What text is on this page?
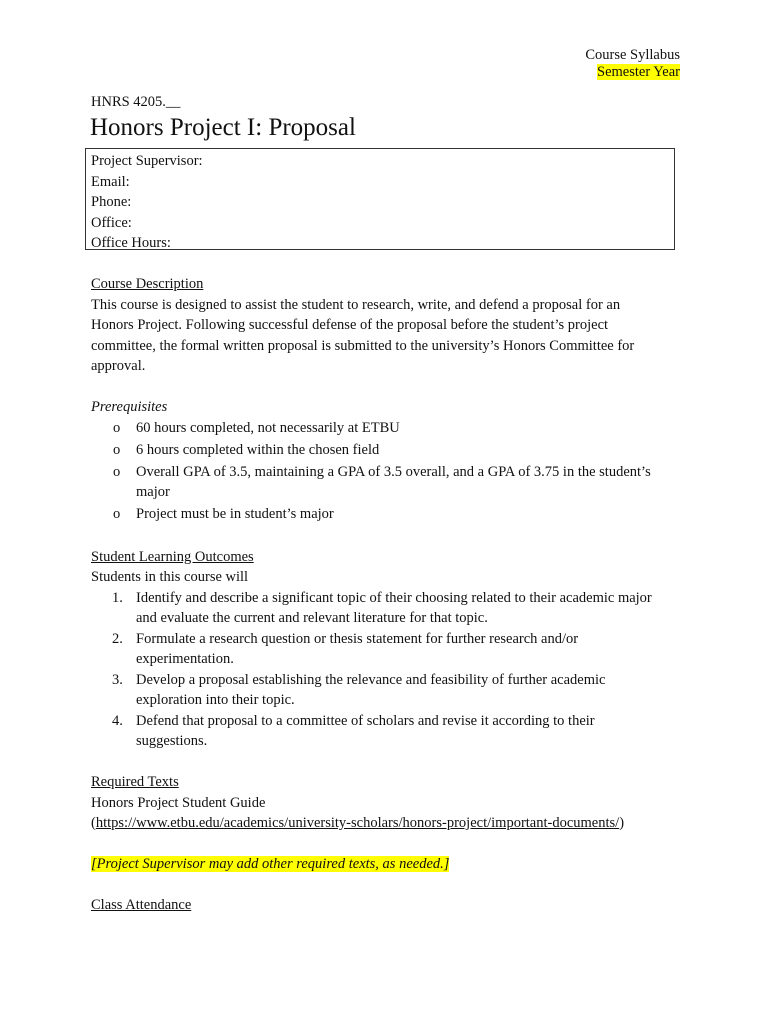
Course Syllabus
Semester Year
HNRS 4205.__
Honors Project I: Proposal
Project Supervisor:
Email:
Phone:
Office:
Office Hours:
Course Description
This course is designed to assist the student to research, write, and defend a proposal for an
Honors Project. Following successful defense of the proposal before the student’s project
committee, the formal written proposal is submitted to the university’s Honors Committee for
approval.
Prerequisites
o 60 hours completed, not necessarily at ETBU
o 6 hours completed within the chosen field
o Overall GPA of 3.5, maintaining a GPA of 3.5 overall, and a GPA of 3.75 in the student’s
major
o Project must be in student’s major
Student Learning Outcomes
Students in this course will
1. Identify and describe a significant topic of their choosing related to their academic major
and evaluate the current and relevant literature for that topic.
2. Formulate a research question or thesis statement for further research and/or
experimentation.
3. Develop a proposal establishing the relevance and feasibility of further academic
exploration into their topic.
4. Defend that proposal to a committee of scholars and revise it according to their
suggestions.
Required Texts
Honors Project Student Guide
(https://www.etbu.edu/academics/university-scholars/honors-project/important-documents/)
[Project Supervisor may add other required texts, as needed.]
Class Attendance
